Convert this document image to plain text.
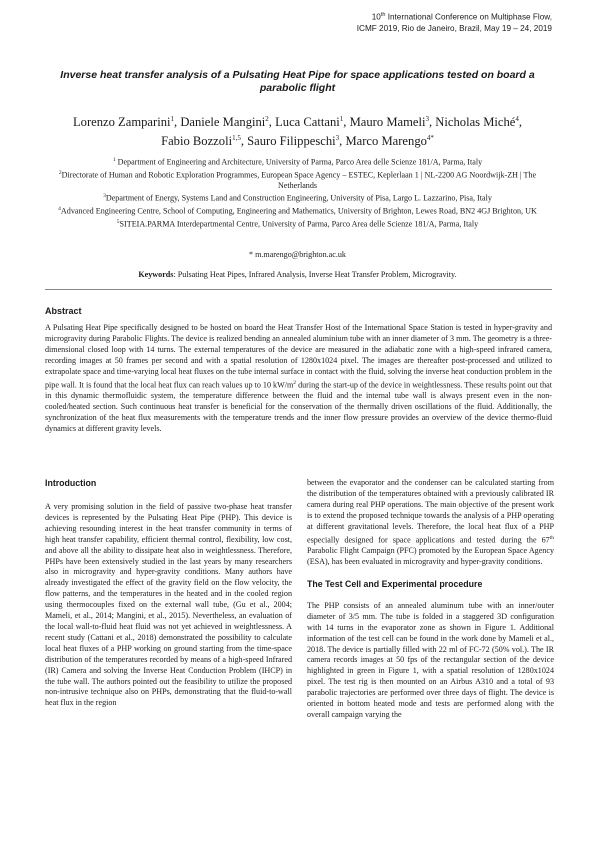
10th International Conference on Multiphase Flow,
ICMF 2019, Rio de Janeiro, Brazil, May 19 – 24, 2019
Inverse heat transfer analysis of a Pulsating Heat Pipe for space applications tested on board a parabolic flight
Lorenzo Zamparini$^1$, Daniele Mangini$^2$, Luca Cattani$^1$, Mauro Mameli$^3$, Nicholas Miché$^4$,
Fabio Bozzoli$^{1,5}$, Sauro Filippeschi$^3$, Marco Marengo$^{4*}$
$^1$ Department of Engineering and Architecture, University of Parma, Parco Area delle Scienze 181/A, Parma, Italy
$^2$Directorate of Human and Robotic Exploration Programmes, European Space Agency – ESTEC, Keplerlaan 1 | NL-2200 AG Noordwijk-ZH | The Netherlands
$^3$Department of Energy, Systems Land and Construction Engineering, University of Pisa, Largo L. Lazzarino, Pisa, Italy
$^4$Advanced Engineering Centre, School of Computing, Engineering and Mathematics, University of Brighton, Lewes Road, BN2 4GJ Brighton, UK
$^5$SITEIA.PARMA Interdepartmental Centre, University of Parma, Parco Area delle Scienze 181/A, Parma, Italy
* m.marengo@brighton.ac.uk
Keywords: Pulsating Heat Pipes, Infrared Analysis, Inverse Heat Transfer Problem, Microgravity.
Abstract
A Pulsating Heat Pipe specifically designed to be hosted on board the Heat Transfer Host of the International Space Station is tested in hyper-gravity and microgravity during Parabolic Flights. The device is realized bending an annealed aluminium tube with an inner diameter of 3 mm. The geometry is a three-dimensional closed loop with 14 turns. The external temperatures of the device are measured in the adiabatic zone with a high-speed infrared camera, recording images at 50 frames per second and with a spatial resolution of 1280x1024 pixel. The images are thereafter post-processed and utilized to extrapolate space and time-varying local heat fluxes on the tube internal surface in contact with the fluid, solving the inverse heat conduction problem in the pipe wall. It is found that the local heat flux can reach values up to 10 $kW/m^2$ during the start-up of the device in weightlessness. These results point out that in this dynamic thermofluidic system, the temperature difference between the fluid and the internal tube wall is always present even in the non-cooled/heated section. Such continuous heat transfer is beneficial for the conservation of the thermally driven oscillations of the fluid. Additionally, the synchronization of the heat flux measurements with the temperature trends and the inner flow pressure provides an overview of the device thermo-fluid dynamics at different gravity levels.
Introduction
A very promising solution in the field of passive two-phase heat transfer devices is represented by the Pulsating Heat Pipe (PHP). This device is achieving resounding interest in the heat transfer community in terms of high heat transfer capability, efficient thermal control, flexibility, low cost, and above all the ability to dissipate heat also in weightlessness. Therefore, PHPs have been extensively studied in the last years by many researchers also in microgravity and hyper-gravity conditions. Many authors have already investigated the effect of the gravity field on the flow velocity, the flow patterns, and the temperatures in the heated and in the cooled region using thermocouples fixed on the external wall tube, (Gu et al., 2004; Mameli, et al., 2014; Mangini, et al., 2015). Nevertheless, an evaluation of the local wall-to-fluid heat fluid was not yet achieved in weightlessness. A recent study (Cattani et al., 2018) demonstrated the possibility to calculate local heat fluxes of a PHP working on ground starting from the time-space distribution of the temperatures recorded by means of a high-speed Infrared (IR) Camera and solving the Inverse Heat Conduction Problem (IHCP) in the tube wall. The authors pointed out the feasibility to utilize the proposed non-intrusive technique also on PHPs, demonstrating that the fluid-to-wall heat flux in the region
between the evaporator and the condenser can be calculated starting from the distribution of the temperatures obtained with a previously calibrated IR camera during real PHP operations. The main objective of the present work is to extend the proposed technique towards the analysis of a PHP operating at different gravitational levels. Therefore, the local heat flux of a PHP especially designed for space applications and tested during the 67th Parabolic Flight Campaign (PFC) promoted by the European Space Agency (ESA), has been evaluated in microgravity and hyper-gravity conditions.
The Test Cell and Experimental procedure
The PHP consists of an annealed aluminum tube with an inner/outer diameter of 3/5 mm. The tube is folded in a staggered 3D configuration with 14 turns in the evaporator zone as shown in Figure 1. Additional information of the test cell can be found in the work done by Mameli et al., 2018. The device is partially filled with 22 ml of FC-72 (50% vol.). The IR camera records images at 50 fps of the rectangular section of the device highlighted in green in Figure 1, with a spatial resolution of 1280x1024 pixel. The test rig is then mounted on an Airbus A310 and a total of 93 parabolic trajectories are performed over three days of flight. The device is oriented in bottom heated mode and tests are performed along with the overall campaign varying the
